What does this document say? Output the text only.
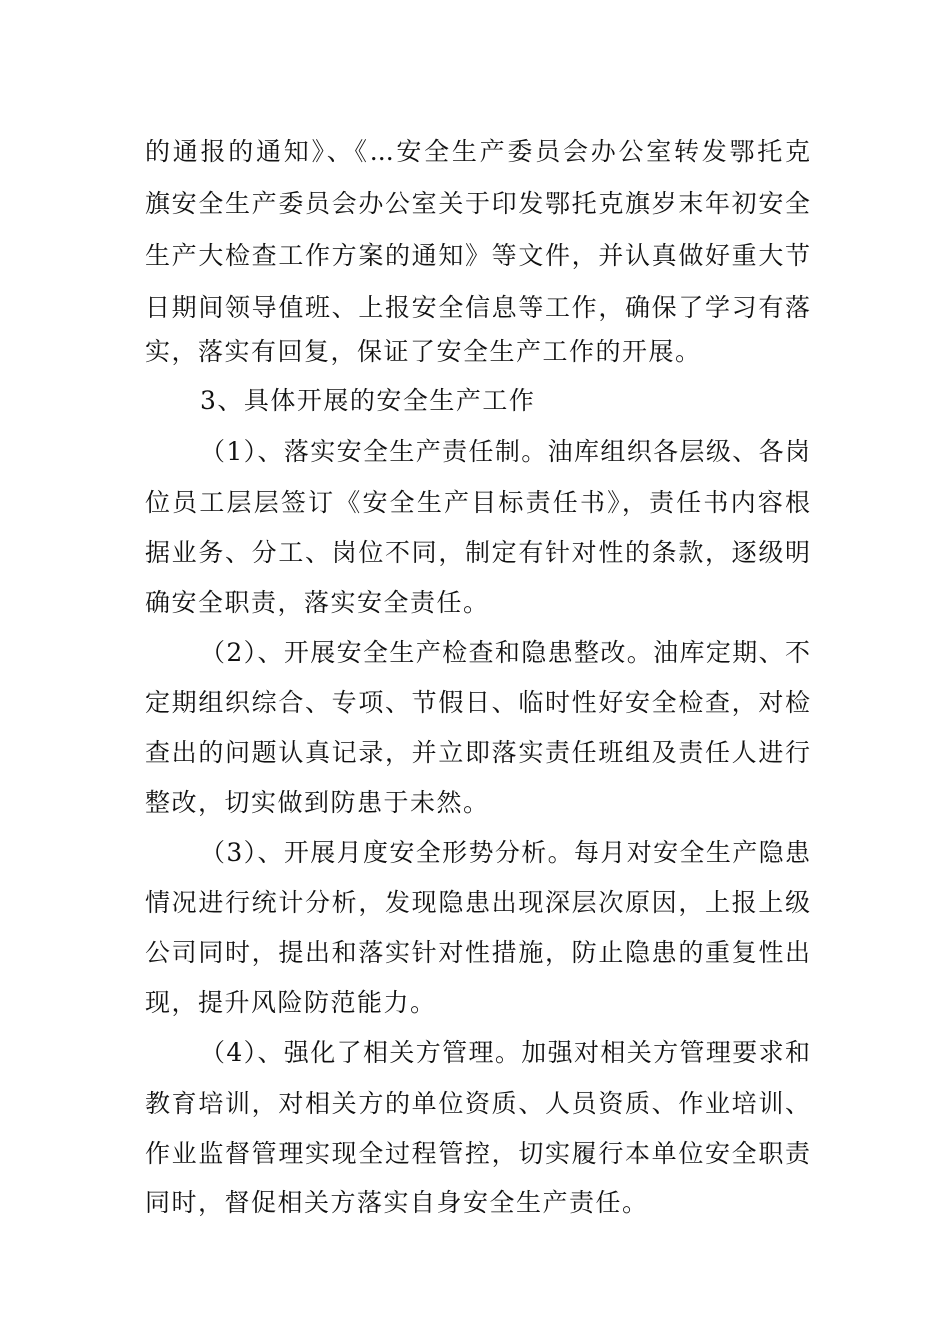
的通报的通知》、《...安全生产委员会办公室转发鄂托克
旗安全生产委员会办公室关于印发鄂托克旗岁末年初安全
生产大检查工作方案的通知》等文件，并认真做好重大节
日期间领导值班、上报安全信息等工作，确保了学习有落
实，落实有回复，保证了安全生产工作的开展。
3、具体开展的安全生产工作
（1）、落实安全生产责任制。油库组织各层级、各岗
位员工层层签订《安全生产目标责任书》，责任书内容根
据业务、分工、岗位不同，制定有针对性的条款，逐级明
确安全职责，落实安全责任。
（2）、开展安全生产检查和隐患整改。油库定期、不
定期组织综合、专项、节假日、临时性好安全检查，对检
查出的问题认真记录，并立即落实责任班组及责任人进行
整改，切实做到防患于未然。
（3）、开展月度安全形势分析。每月对安全生产隐患
情况进行统计分析，发现隐患出现深层次原因，上报上级
公司同时，提出和落实针对性措施，防止隐患的重复性出
现，提升风险防范能力。
（4）、强化了相关方管理。加强对相关方管理要求和
教育培训，对相关方的单位资质、人员资质、作业培训、
作业监督管理实现全过程管控，切实履行本单位安全职责
同时，督促相关方落实自身安全生产责任。
